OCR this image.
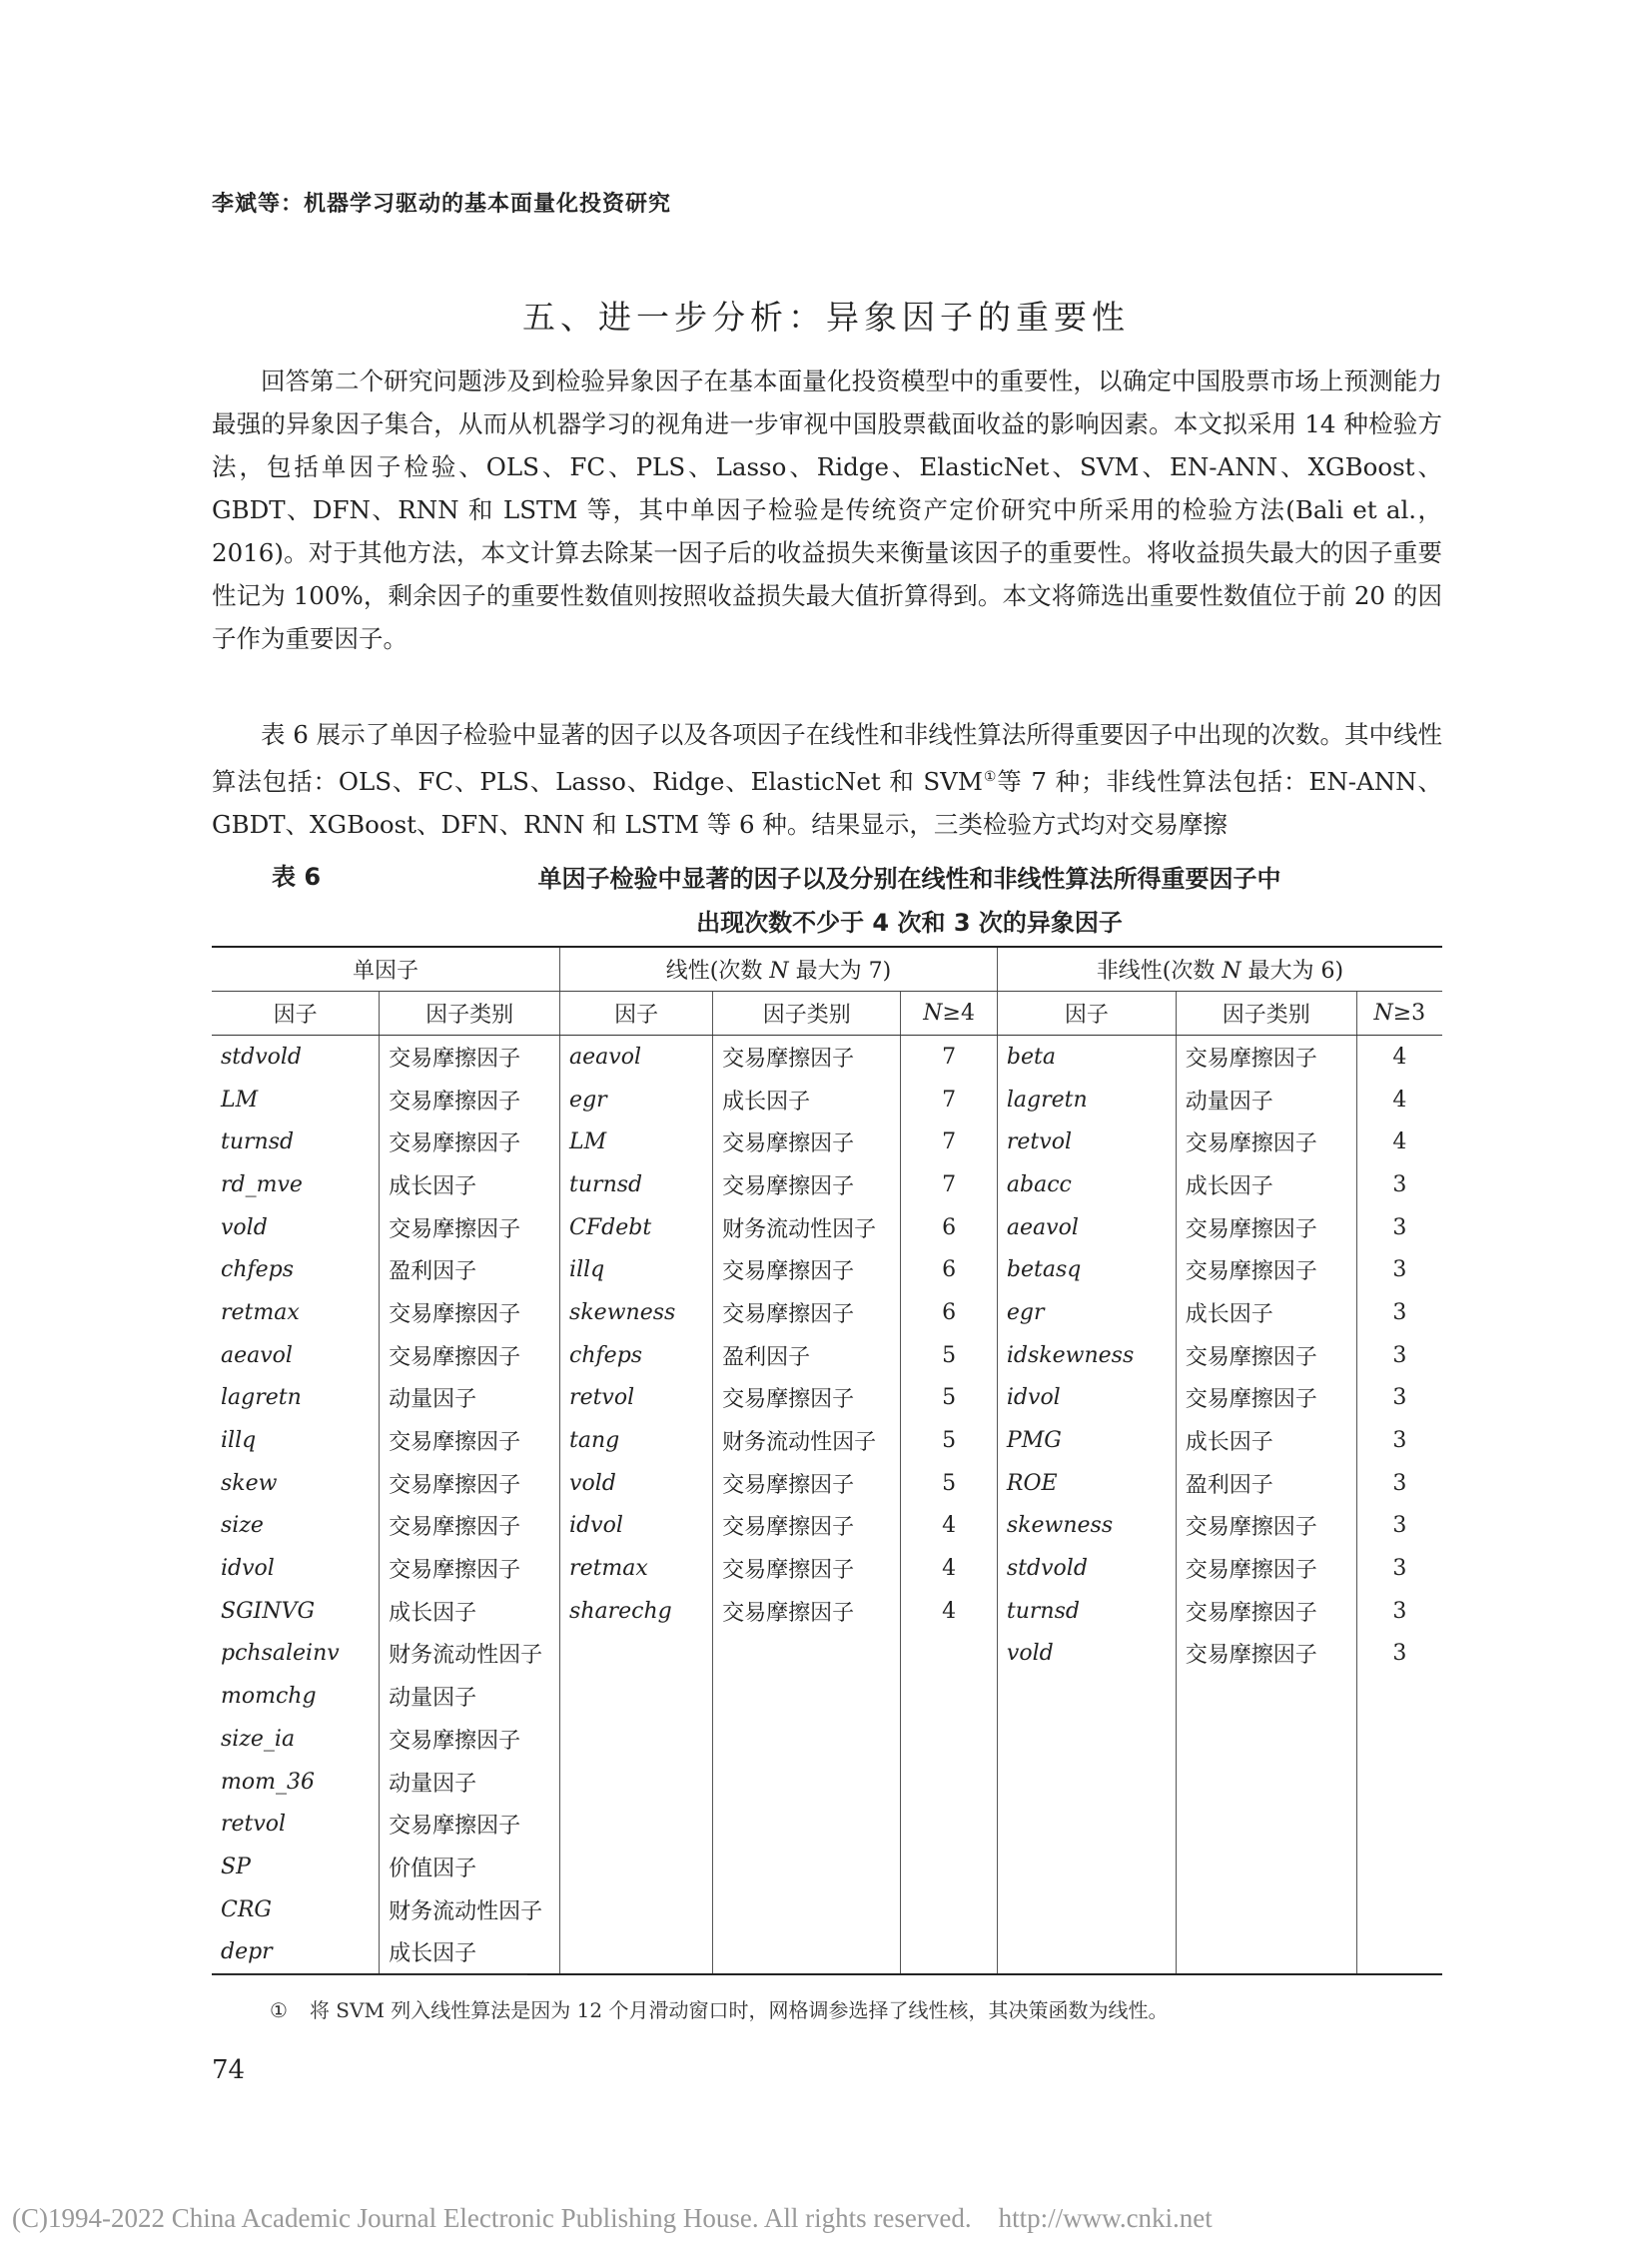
李斌等：机器学习驱动的基本面量化投资研究
五、进一步分析：异象因子的重要性

回答第二个研究问题涉及到检验异象因子在基本面量化投资模型中的重要性，以确定中国股票市场上预测能力最强的异象因子集合，从而从机器学习的视角进一步审视中国股票截面收益的影响因素。本文拟采用 14 种检验方法，包括单因子检验、OLS、FC、PLS、Lasso、Ridge、ElasticNet、SVM、EN-ANN、XGBoost、GBDT、DFN、RNN 和 LSTM 等，其中单因子检验是传统资产定价研究中所采用的检验方法(Bali et al.，2016)。对于其他方法，本文计算去除某一因子后的收益损失来衡量该因子的重要性。将收益损失最大的因子重要性记为 100%，剩余因子的重要性数值则按照收益损失最大值折算得到。本文将筛选出重要性数值位于前 20 的因子作为重要因子。

表 6 展示了单因子检验中显著的因子以及各项因子在线性和非线性算法所得重要因子中出现的次数。其中线性算法包括：OLS、FC、PLS、Lasso、Ridge、ElasticNet 和 SVM①等 7 种；非线性算法包括：EN-ANN、GBDT、XGBoost、DFN、RNN 和 LSTM 等 6 种。结果显示，三类检验方式均对交易摩擦

表 6	单因子检验中显著的因子以及分别在线性和非线性算法所得重要因子中
出现次数不少于 4 次和 3 次的异象因子
单因子		线性(次数 N 最大为 7)			非线性(次数 N 最大为 6)		
因子	因子类别	因子	因子类别	N≥4	因子	因子类别	N≥3
stdvold	交易摩擦因子	aeavol	交易摩擦因子	7	beta	交易摩擦因子	4
LM	交易摩擦因子	egr	成长因子	7	lagretn	动量因子	4
turnsd	交易摩擦因子	LM	交易摩擦因子	7	retvol	交易摩擦因子	4
rd_mve	成长因子	turnsd	交易摩擦因子	7	abacc	成长因子	3
vold	交易摩擦因子	CFdebt	财务流动性因子	6	aeavol	交易摩擦因子	3
chfeps	盈利因子	illq	交易摩擦因子	6	betasq	交易摩擦因子	3
retmax	交易摩擦因子	skewness	交易摩擦因子	6	egr	成长因子	3
aeavol	交易摩擦因子	chfeps	盈利因子	5	idskewness	交易摩擦因子	3
lagretn	动量因子	retvol	交易摩擦因子	5	idvol	交易摩擦因子	3
illq	交易摩擦因子	tang	财务流动性因子	5	PMG	成长因子	3
skew	交易摩擦因子	vold	交易摩擦因子	5	ROE	盈利因子	3
size	交易摩擦因子	idvol	交易摩擦因子	4	skewness	交易摩擦因子	3
idvol	交易摩擦因子	retmax	交易摩擦因子	4	stdvold	交易摩擦因子	3
SGINVG	成长因子	sharechg	交易摩擦因子	4	turnsd	交易摩擦因子	3
pchsaleinv	财务流动性因子				vold	交易摩擦因子	3
momchg	动量因子						
size_ia	交易摩擦因子						
mom_36	动量因子						
retvol	交易摩擦因子						
SP	价值因子						
CRG	财务流动性因子						
depr	成长因子						
① 将 SVM 列入线性算法是因为 12 个月滑动窗口时，网格调参选择了线性核，其决策函数为线性。
74
(C)1994-2022 China Academic Journal Electronic Publishing House. All rights reserved.    http://www.cnki.net
